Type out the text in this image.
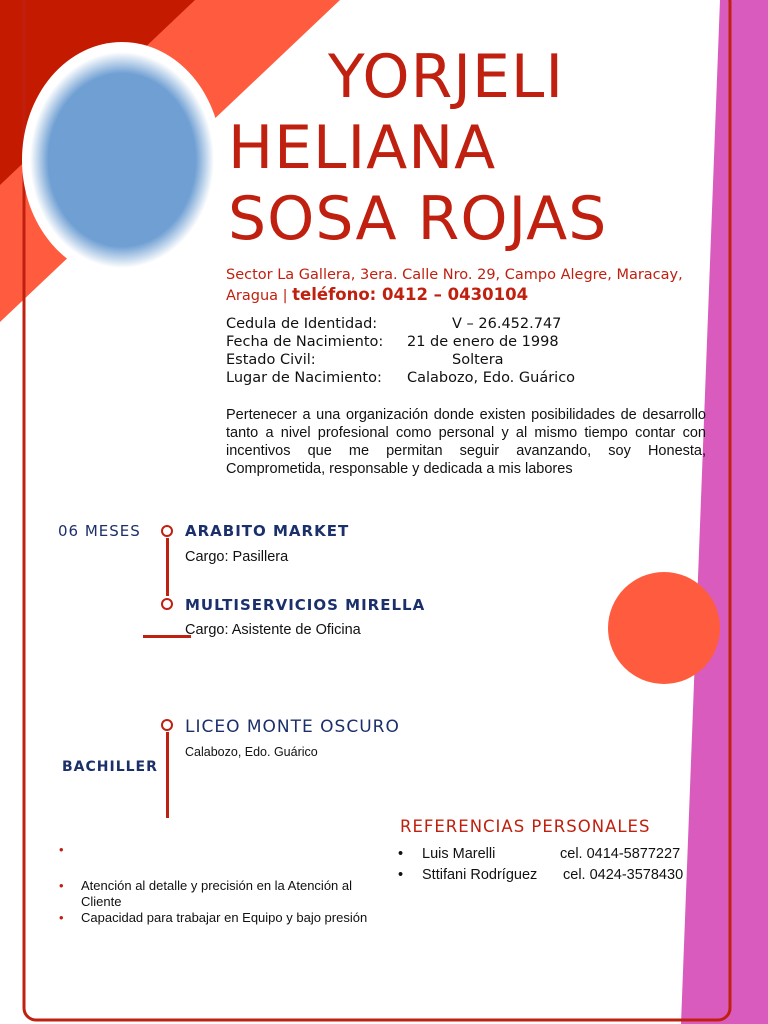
YORJELI
HELIANA
SOSA ROJAS
Sector La Gallera, 3era. Calle Nro. 29, Campo Alegre, Maracay,
Aragua | teléfono: 0412 – 0430104
Cedula de Identidad:	V – 26.452.747
Fecha de Nacimiento:	21 de enero de 1998
Estado Civil:	Soltera
Lugar de Nacimiento:	Calabozo, Edo. Guárico
Pertenecer a una organización donde existen posibilidades de desarrollo tanto a nivel profesional como personal y al mismo tiempo contar con incentivos que me permitan seguir avanzando, soy Honesta, Comprometida, responsable y dedicada a mis labores
06 MESES	ARABITO MARKET
Cargo: Pasillera
MULTISERVICIOS MIRELLA
Cargo: Asistente de Oficina
LICEO MONTE OSCURO
Calabozo, Edo. Guárico
BACHILLER
•
• Atención al detalle y precisión en la Atención al Cliente
• Capacidad para trabajar en Equipo y bajo presión
REFERENCIAS PERSONALES
•	Luis Marelli	cel. 0414-5877227
•	Sttifani Rodríguez	cel. 0424-3578430
